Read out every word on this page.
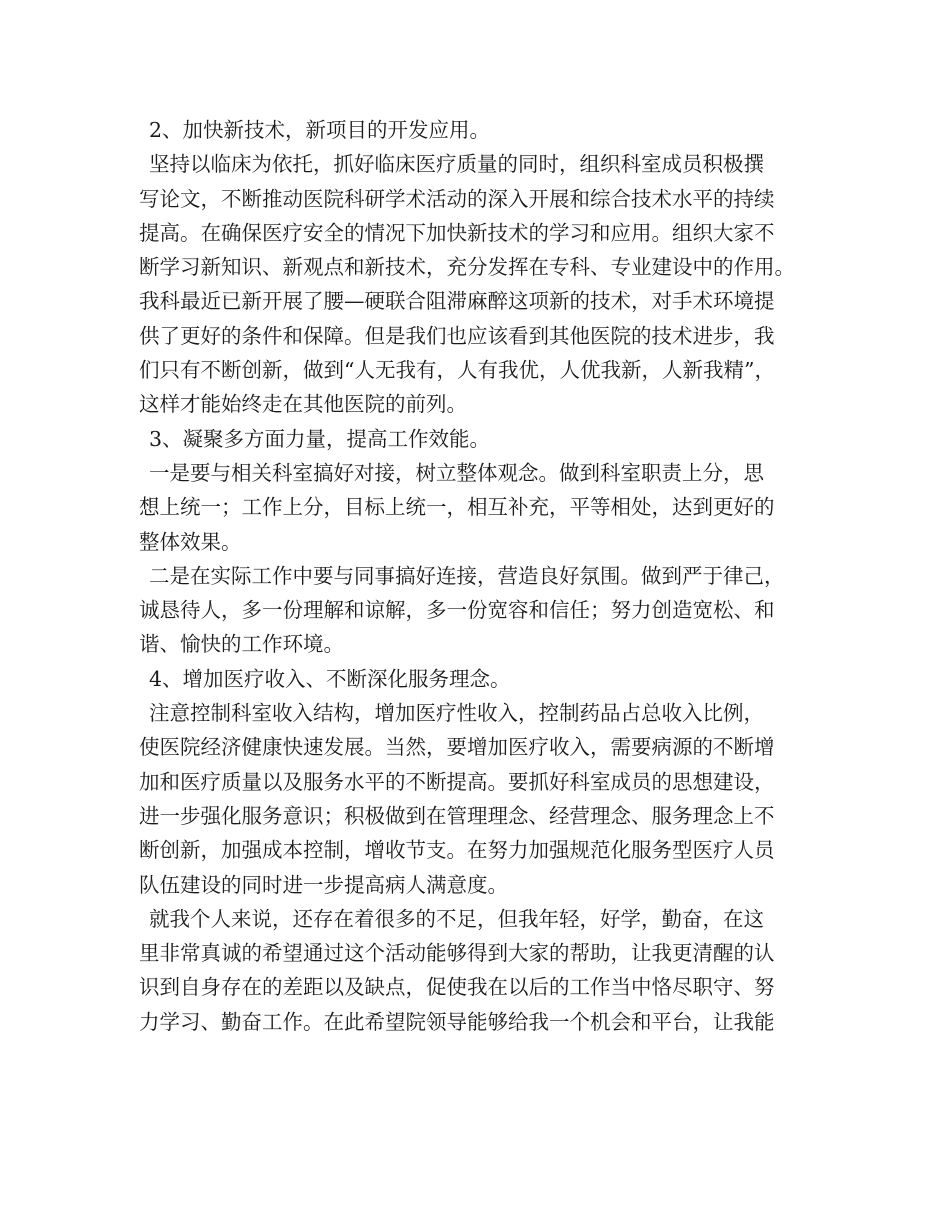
2、加快新技术，新项目的开发应用。
坚持以临床为依托，抓好临床医疗质量的同时，组织科室成员积极撰
写论文，不断推动医院科研学术活动的深入开展和综合技术水平的持续
提高。在确保医疗安全的情况下加快新技术的学习和应用。组织大家不
断学习新知识、新观点和新技术，充分发挥在专科、专业建设中的作用。
我科最近已新开展了腰—硬联合阻滞麻醉这项新的技术，对手术环境提
供了更好的条件和保障。但是我们也应该看到其他医院的技术进步，我
们只有不断创新，做到“人无我有，人有我优，人优我新，人新我精”，
这样才能始终走在其他医院的前列。
3、凝聚多方面力量，提高工作效能。
一是要与相关科室搞好对接，树立整体观念。做到科室职责上分，思
想上统一；工作上分，目标上统一，相互补充，平等相处，达到更好的
整体效果。
二是在实际工作中要与同事搞好连接，营造良好氛围。做到严于律己，
诚恳待人，多一份理解和谅解，多一份宽容和信任；努力创造宽松、和
谐、愉快的工作环境。
4、增加医疗收入、不断深化服务理念。
注意控制科室收入结构，增加医疗性收入，控制药品占总收入比例，
使医院经济健康快速发展。当然，要增加医疗收入，需要病源的不断增
加和医疗质量以及服务水平的不断提高。要抓好科室成员的思想建设，
进一步强化服务意识；积极做到在管理理念、经营理念、服务理念上不
断创新，加强成本控制，增收节支。在努力加强规范化服务型医疗人员
队伍建设的同时进一步提高病人满意度。
就我个人来说，还存在着很多的不足，但我年轻，好学，勤奋，在这
里非常真诚的希望通过这个活动能够得到大家的帮助，让我更清醒的认
识到自身存在的差距以及缺点，促使我在以后的工作当中恪尽职守、努
力学习、勤奋工作。在此希望院领导能够给我一个机会和平台，让我能
